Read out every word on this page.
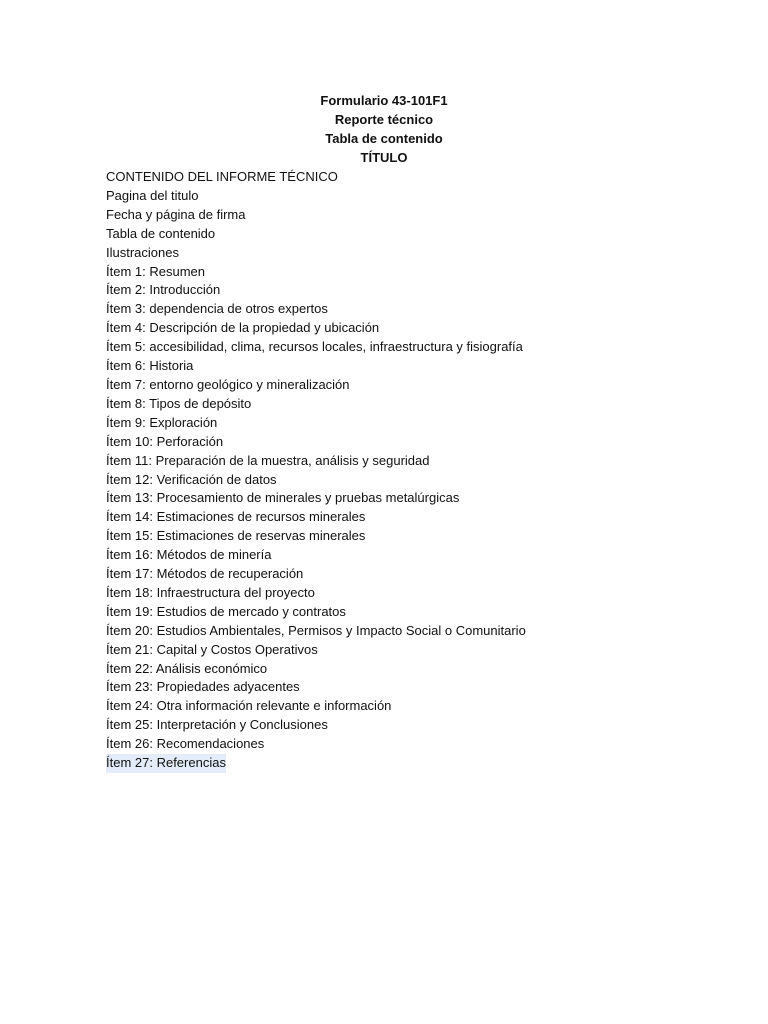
Formulario 43-101F1

Reporte técnico

Tabla de contenido

TÍTULO

CONTENIDO DEL INFORME TÉCNICO

Pagina del titulo

Fecha y página de firma

Tabla de contenido

Ilustraciones

Ítem 1: Resumen

Ítem 2: Introducción

Ítem 3: dependencia de otros expertos

Ítem 4: Descripción de la propiedad y ubicación

Ítem 5: accesibilidad, clima, recursos locales, infraestructura y fisiografía

Ítem 6: Historia

Ítem 7: entorno geológico y mineralización

Ítem 8: Tipos de depósito

Ítem 9: Exploración

Ítem 10: Perforación

Ítem 11: Preparación de la muestra, análisis y seguridad

Ítem 12: Verificación de datos

Ítem 13: Procesamiento de minerales y pruebas metalúrgicas

Ítem 14: Estimaciones de recursos minerales

Ítem 15: Estimaciones de reservas minerales

Ítem 16: Métodos de minería

Ítem 17: Métodos de recuperación

Ítem 18: Infraestructura del proyecto

Ítem 19: Estudios de mercado y contratos

Ítem 20: Estudios Ambientales, Permisos y Impacto Social o Comunitario

Ítem 21: Capital y Costos Operativos

Ítem 22: Análisis económico

Ítem 23: Propiedades adyacentes

Ítem 24: Otra información relevante e información

Ítem 25: Interpretación y Conclusiones

Ítem 26: Recomendaciones

Ítem 27: Referencias
